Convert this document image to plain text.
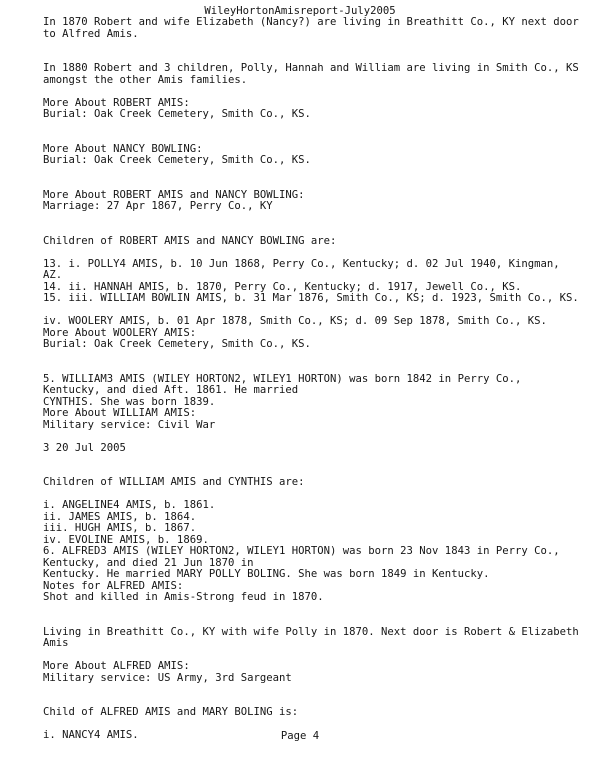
WileyHortonAmisreport-July2005
In 1870 Robert and wife Elizabeth (Nancy?) are living in Breathitt Co., KY next door
to Alfred Amis.
In 1880 Robert and 3 children, Polly, Hannah and William are living in Smith Co., KS
amongst the other Amis families.
More About ROBERT AMIS:
Burial: Oak Creek Cemetery, Smith Co., KS.
More About NANCY BOWLING:
Burial: Oak Creek Cemetery, Smith Co., KS.
More About ROBERT AMIS and NANCY BOWLING:
Marriage: 27 Apr 1867, Perry Co., KY
Children of ROBERT AMIS and NANCY BOWLING are:
13. i. POLLY4 AMIS, b. 10 Jun 1868, Perry Co., Kentucky; d. 02 Jul 1940, Kingman,
AZ.
14. ii. HANNAH AMIS, b. 1870, Perry Co., Kentucky; d. 1917, Jewell Co., KS.
15. iii. WILLIAM BOWLIN AMIS, b. 31 Mar 1876, Smith Co., KS; d. 1923, Smith Co., KS.
iv. WOOLERY AMIS, b. 01 Apr 1878, Smith Co., KS; d. 09 Sep 1878, Smith Co., KS.
More About WOOLERY AMIS:
Burial: Oak Creek Cemetery, Smith Co., KS.
5. WILLIAM3 AMIS (WILEY HORTON2, WILEY1 HORTON) was born 1842 in Perry Co.,
Kentucky, and died Aft. 1861. He married
CYNTHIS. She was born 1839.
More About WILLIAM AMIS:
Military service: Civil War
3 20 Jul 2005
Children of WILLIAM AMIS and CYNTHIS are:
i. ANGELINE4 AMIS, b. 1861.
ii. JAMES AMIS, b. 1864.
iii. HUGH AMIS, b. 1867.
iv. EVOLINE AMIS, b. 1869.
6. ALFRED3 AMIS (WILEY HORTON2, WILEY1 HORTON) was born 23 Nov 1843 in Perry Co.,
Kentucky, and died 21 Jun 1870 in
Kentucky. He married MARY POLLY BOLING. She was born 1849 in Kentucky.
Notes for ALFRED AMIS:
Shot and killed in Amis-Strong feud in 1870.
Living in Breathitt Co., KY with wife Polly in 1870. Next door is Robert & Elizabeth
Amis
More About ALFRED AMIS:
Military service: US Army, 3rd Sargeant
Child of ALFRED AMIS and MARY BOLING is:
i. NANCY4 AMIS.	Page 4
